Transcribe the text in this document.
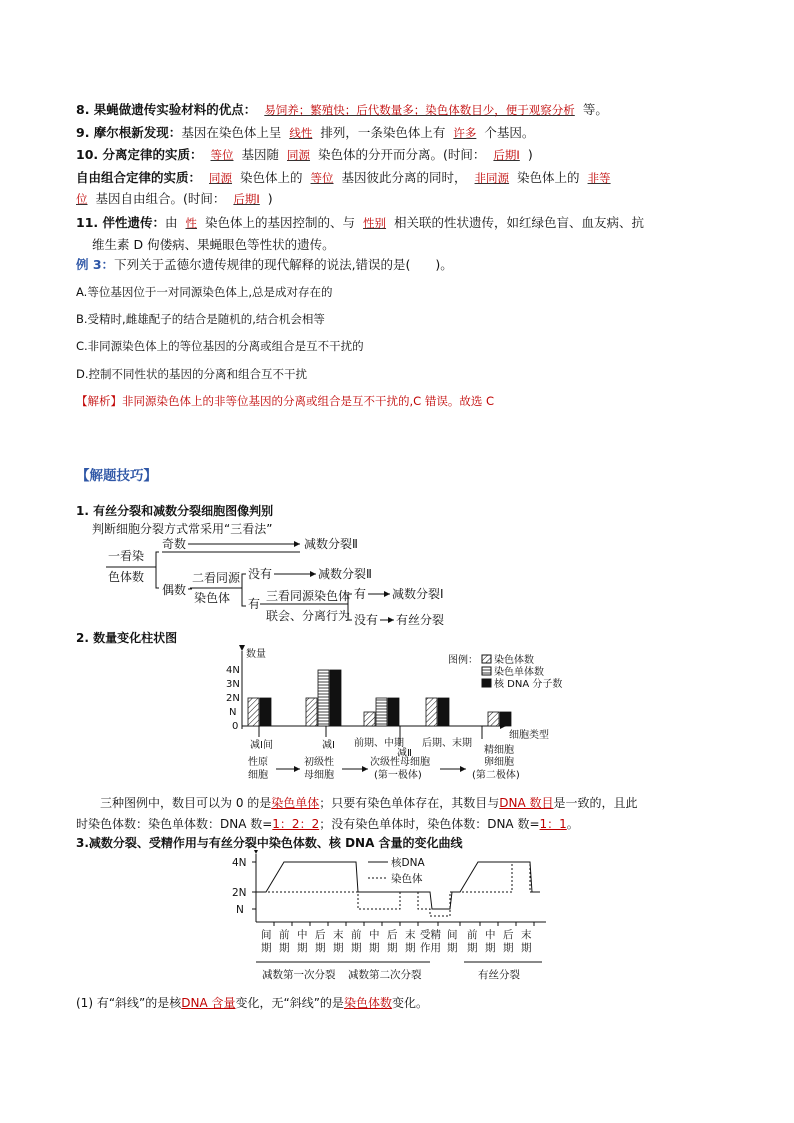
8. 果蝇做遗传实验材料的优点： 易饲养；繁殖快；后代数量多；染色体数目少，便于观察分析 等。
9. 摩尔根新发现：基因在染色体上呈 线性 排列，一条染色体上有 许多 个基因。
10. 分离定律的实质： 等位 基因随 同源 染色体的分开而分离。(时间： 后期Ⅰ )
自由组合定律的实质： 同源 染色体上的 等位 基因彼此分离的同时， 非同源 染色体上的 非等
位 基因自由组合。(时间： 后期Ⅰ )
11. 伴性遗传：由 性 染色体上的基因控制的、与 性别 相关联的性状遗传，如红绿色盲、血友病、抗
维生素 D 佝偻病、果蝇眼色等性状的遗传。
例 3：下列关于孟德尔遗传规律的现代解释的说法,错误的是(　　)。
A.等位基因位于一对同源染色体上,总是成对存在的
B.受精时,雌雄配子的结合是随机的,结合机会相等
C.非同源染色体上的等位基因的分离或组合是互不干扰的
D.控制不同性状的基因的分离和组合互不干扰
【解析】非同源染色体上的非等位基因的分离或组合是互不干扰的,C 错误。故选 C
【解题技巧】
1. 有丝分裂和减数分裂细胞图像判别
判断细胞分裂方式常采用“三看法”
一看染
色体数
奇数	减数分裂Ⅱ
偶数
二看同源
染色体
没有	减数分裂Ⅱ
有
三看同源染色体
联会、分离行为
有 减数分裂Ⅰ
没有 有丝分裂
2. 数量变化柱状图
数量
细胞类型
4N
3N
2N
N
0
图例： 染色体数
染色单体数
核 DNA 分子数
减Ⅰ间	减Ⅰ 前期、中期 后期、末期
减Ⅱ
性原
细胞
初级性
母细胞
次级性母细胞
(第一极体)
精细胞
卵细胞
(第二极体)
三种图例中，数目可以为 0 的是染色单体；只要有染色单体存在，其数目与DNA 数目是一致的，且此
时染色体数：染色单体数：DNA 数=1：2：2；没有染色单体时，染色体数：DNA 数=1：1。
3.减数分裂、受精作用与有丝分裂中染色体数、核 DNA 含量的变化曲线
4N
2N
N
核DNA
染色体
间
期
前
期
中
期
后
期
末
期
前
期
中
期
后
期
末
期
受精
作用
间
期
前
期
中
期
后
期
末
期
减数第一次分裂 减数第二次分裂	有丝分裂
(1) 有“斜线”的是核DNA 含量变化，无“斜线”的是染色体数变化。
